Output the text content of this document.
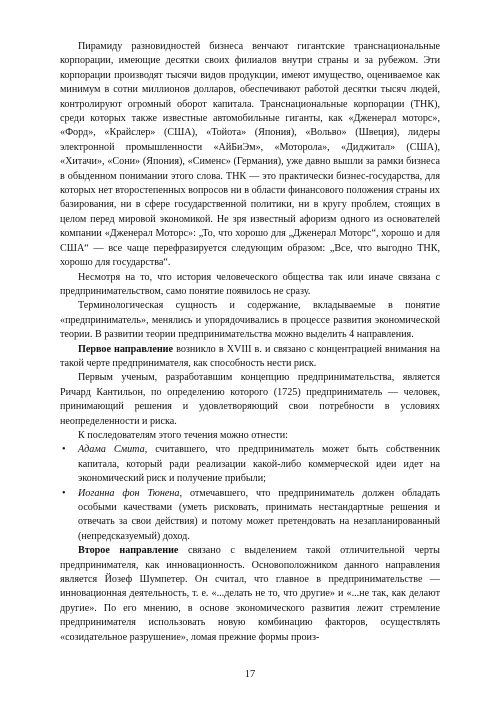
Пирамиду разновидностей бизнеса венчают гигантские транснациональные корпорации, имеющие десятки своих филиалов внутри страны и за рубежом. Эти корпорации производят тысячи видов продукции, имеют имущество, оцениваемое как минимум в сотни миллионов долларов, обеспечивают работой десятки тысяч людей, контролируют огромный оборот капитала. Транснациональные корпорации (ТНК), среди которых также известные автомобильные гиганты, как «Дженерал моторс», «Форд», «Крайслер» (США), «Тойота» (Япония), «Вольво» (Швеция), лидеры электронной промышленности «АйБиЭм», «Моторола», «Диджитал» (США), «Хитачи», «Сони» (Япония), «Сименс» (Германия), уже давно вышли за рамки бизнеса в обыденном понимании этого слова. ТНК — это практически бизнес-государства, для которых нет второстепенных вопросов ни в области финансового положения страны их базирования, ни в сфере государственной политики, ни в кругу проблем, стоящих в целом перед мировой экономикой. Не зря известный афоризм одного из основателей компании «Дженерал Моторс»: „То, что хорошо для „Дженерал Моторс“, хорошо и для США“ — все чаще перефразируется следующим образом: „Все, что выгодно ТНК, хорошо для государства“.

Несмотря на то, что история человеческого общества так или иначе связана с предпринимательством, само понятие появилось не сразу.

Терминологическая сущность и содержание, вкладываемые в понятие «предприниматель», менялись и упорядочивались в процессе развития экономической теории. В развитии теории предпринимательства можно выделить 4 направления.

Первое направление возникло в XVIII в. и связано с концентрацией внимания на такой черте предпринимателя, как способность нести риск.

Первым ученым, разработавшим концепцию предпринимательства, является Ричард Кантильон, по определению которого (1725) предприниматель — человек, принимающий решения и удовлетворяющий свои потребности в условиях неопределенности и риска.

К последователям этого течения можно отнести:

• Адама Смита, считавшего, что предприниматель может быть собственник капитала, который ради реализации какой-либо коммерческой идеи идет на экономический риск и получение прибыли;
• Иоганна фон Тюнена, отмечавшего, что предприниматель должен обладать особыми качествами (уметь рисковать, принимать нестандартные решения и отвечать за свои действия) и потому может претендовать на незапланированный (непредсказуемый) доход.

Второе направление связано с выделением такой отличительной черты предпринимателя, как инновационность. Основоположником данного направления является Йозеф Шумпетер. Он считал, что главное в предпринимательстве — инновационная деятельность, т. е. «...делать не то, что другие» и «...не так, как делают другие». По его мнению, в основе экономического развития лежит стремление предпринимателя использовать новую комбинацию факторов, осуществлять «созидательное разрушение», ломая прежние формы произ-

17
